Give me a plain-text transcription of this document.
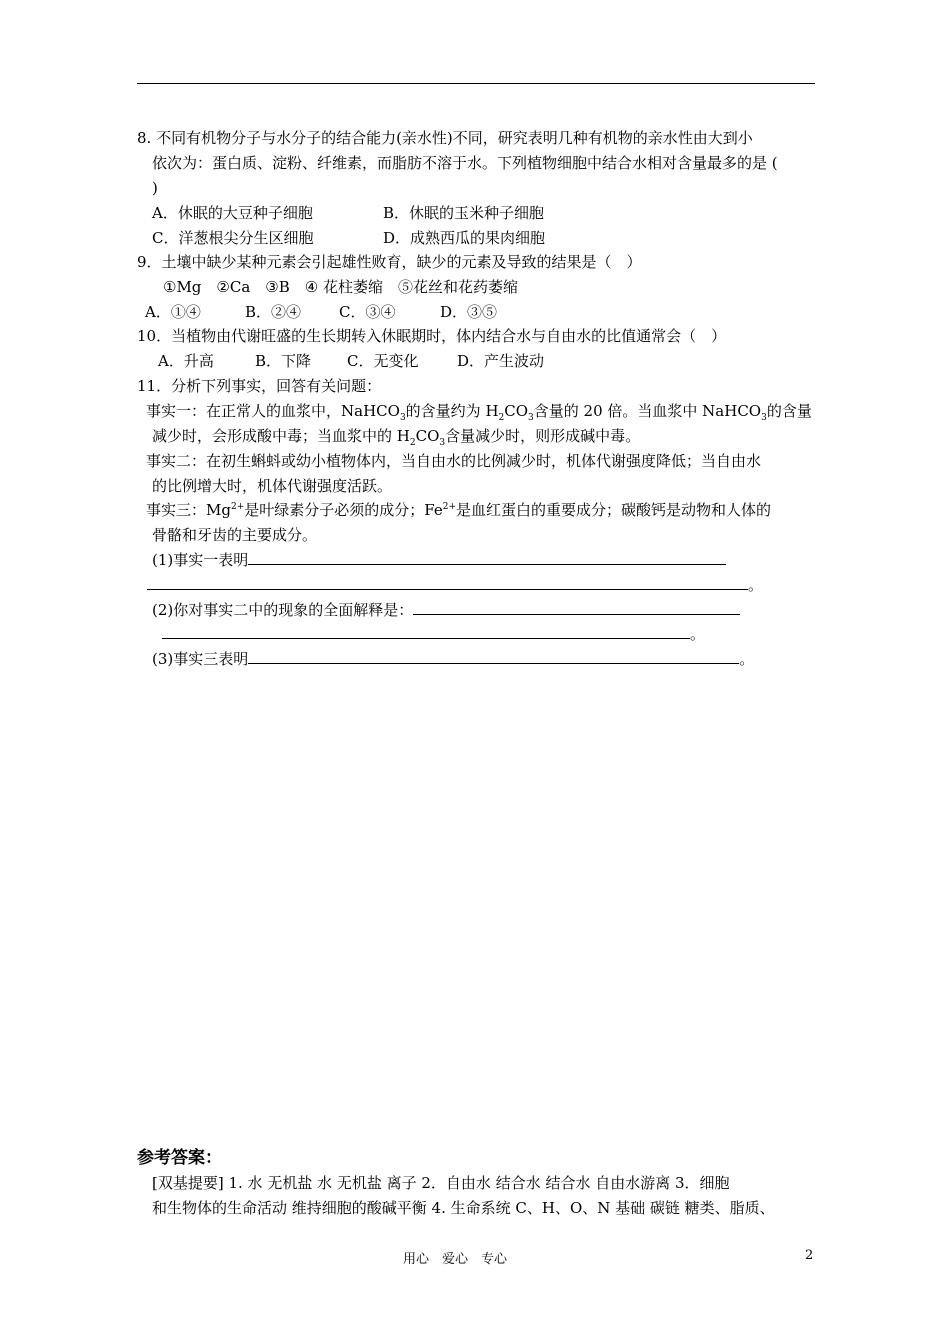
8. 不同有机物分子与水分子的结合能力(亲水性)不同，研究表明几种有机物的亲水性由大到小
依次为：蛋白质、淀粉、纤维素，而脂肪不溶于水。下列植物细胞中结合水相对含量最多的是 (
)
A．休眠的大豆种子细胞	B．休眠的玉米种子细胞
C．洋葱根尖分生区细胞	D．成熟西瓜的果肉细胞
9．土壤中缺少某种元素会引起雄性败育，缺少的元素及导致的结果是（　）
①Mg　②Ca　③B　④ 花柱萎缩　⑤花丝和花药萎缩
A．①④	B．②④	C．③④	D．③⑤
10．当植物由代谢旺盛的生长期转入休眠期时，体内结合水与自由水的比值通常会（　）
A．升高	B．下降 C．无变化	D．产生波动
11．分析下列事实，回答有关问题：
事实一：在正常人的血浆中，NaHCO$_3$的含量约为 $H_2CO_3$含量的 20 倍。当血浆中 NaHCO$_3$的含量
减少时，会形成酸中毒；当血浆中的 $H_2CO_3$含量减少时，则形成碱中毒。
事实二：在初生蝌蚪或幼小植物体内，当自由水的比例减少时，机体代谢强度降低；当自由水
的比例增大时，机体代谢强度活跃。
事实三：$Mg^{2+}$是叶绿素分子必须的成分；$Fe^{2+}$是血红蛋白的重要成分；碳酸钙是动物和人体的
骨骼和牙齿的主要成分。
(1)事实一表明
。
(2)你对事实二中的现象的全面解释是：
。
(3)事实三表明	。
参考答案：
[双基提要] 1. 水 无机盐 水 无机盐 离子 2．自由水 结合水 结合水 自由水游离 3．细胞
和生物体的生命活动 维持细胞的酸碱平衡 4. 生命系统 C、H、O、N 基础 碳链 糖类、脂质、
用心　爱心　专心	2
